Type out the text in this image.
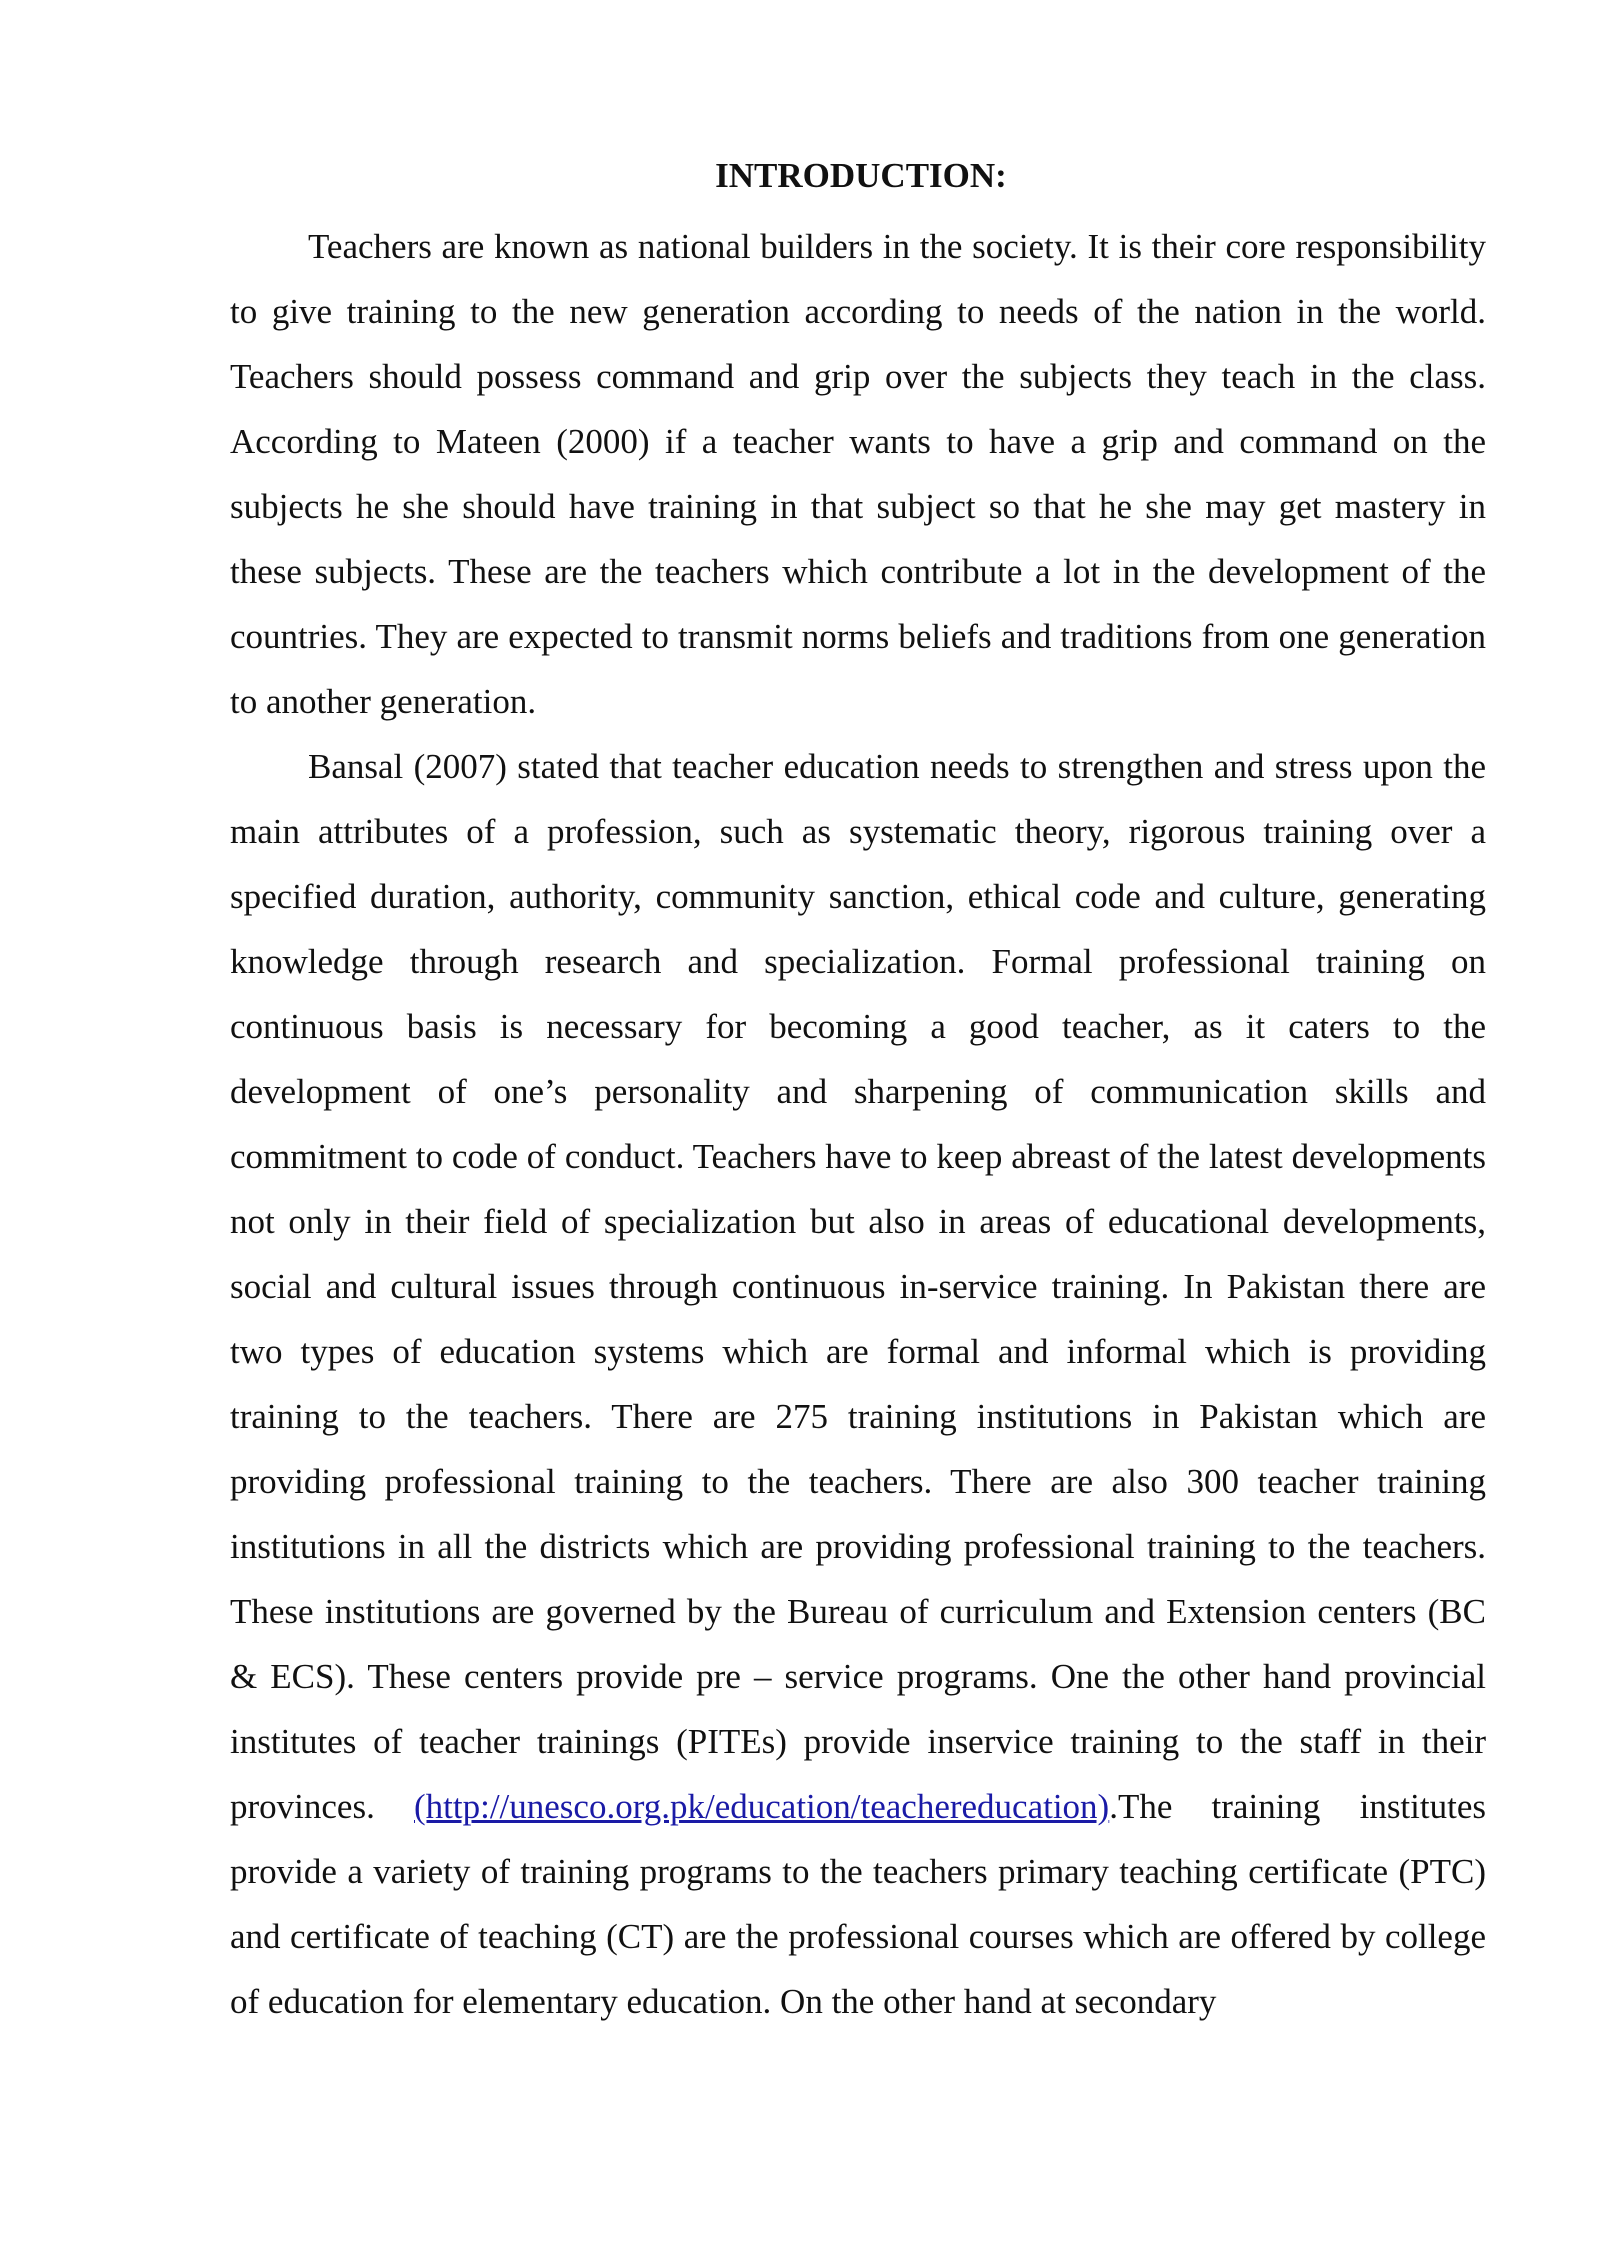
INTRODUCTION:

Teachers are known as national builders in the society. It is their core responsibility to give training to the new generation according to needs of the nation in the world. Teachers should possess command and grip over the subjects they teach in the class. According to Mateen (2000) if a teacher wants to have a grip and command on the subjects he she should have training in that subject so that he she may get mastery in these subjects. These are the teachers which contribute a lot in the development of the countries. They are expected to transmit norms beliefs and traditions from one generation to another generation.

Bansal (2007) stated that teacher education needs to strengthen and stress upon the main attributes of a profession, such as systematic theory, rigorous training over a specified duration, authority, community sanction, ethical code and culture, generating knowledge through research and specialization. Formal professional training on continuous basis is necessary for becoming a good teacher, as it caters to the development of one’s personality and sharpening of communication skills and commitment to code of conduct. Teachers have to keep abreast of the latest developments not only in their field of specialization but also in areas of educational developments, social and cultural issues through continuous in-service training. In Pakistan there are two types of education systems which are formal and informal which is providing training to the teachers. There are 275 training institutions in Pakistan which are providing professional training to the teachers. There are also 300 teacher training institutions in all the districts which are providing professional training to the teachers. These institutions are governed by the Bureau of curriculum and Extension centers (BC & ECS). These centers provide pre – service programs. One the other hand provincial institutes of teacher trainings (PITEs) provide inservice training to the staff in their provinces. (http://unesco.org.pk/education/teachereducation).The training institutes provide a variety of training programs to the teachers primary teaching certificate (PTC) and certificate of teaching (CT) are the professional courses which are offered by college of education for elementary education. On the other hand at secondary
